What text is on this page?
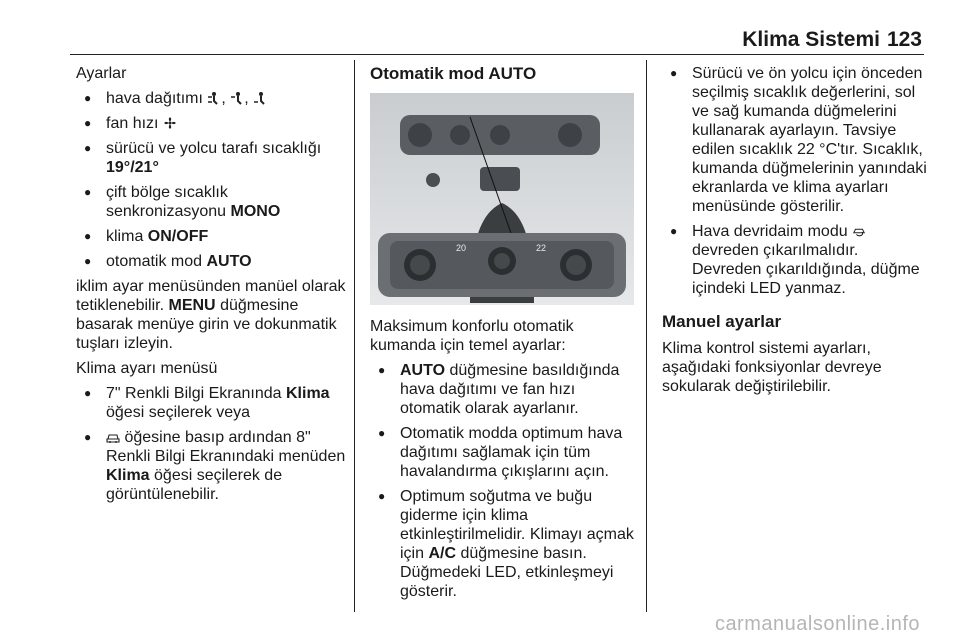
Klima Sistemi 123

Ayarlar

● hava dağıtımı , ,
● fan hızı
● sürücü ve yolcu tarafı sıcaklığı
19°/21°
● çift bölge sıcaklık senkronizasyonu MONO
● klima ON/OFF
● otomatik mod AUTO

iklim ayar menüsünden manüel olarak tetiklenebilir. MENU düğmesine basarak menüye girin ve dokunmatik tuşları izleyin.

Klima ayarı menüsü

● 7" Renkli Bilgi Ekranında Klima öğesi seçilerek veya
● öğesine basıp ardından 8" Renkli Bilgi Ekranındaki menüden Klima öğesi seçilerek de görüntülenebilir.

Otomatik mod AUTO

20	22

Maksimum konforlu otomatik kumanda için temel ayarlar:

● AUTO düğmesine basıldığında hava dağıtımı ve fan hızı otomatik olarak ayarlanır.
● Otomatik modda optimum hava dağıtımı sağlamak için tüm havalandırma çıkışlarını açın.
● Optimum soğutma ve buğu giderme için klima etkinleştirilmelidir. Klimayı açmak için A/C düğmesine basın. Düğmedeki LED, etkinleşmeyi gösterir.
● Sürücü ve ön yolcu için önceden seçilmiş sıcaklık değerlerini, sol ve sağ kumanda düğmelerini kullanarak ayarlayın. Tavsiye edilen sıcaklık 22 °C'tır. Sıcaklık, kumanda düğmelerinin yanındaki ekranlarda ve klima ayarları menüsünde gösterilir.
● Hava devridaim modu  devreden çıkarılmalıdır. Devreden çıkarıldığında, düğme içindeki LED yanmaz.

Manuel ayarlar

Klima kontrol sistemi ayarları, aşağıdaki fonksiyonlar devreye sokularak değiştirilebilir.

carmanualsonline.info
